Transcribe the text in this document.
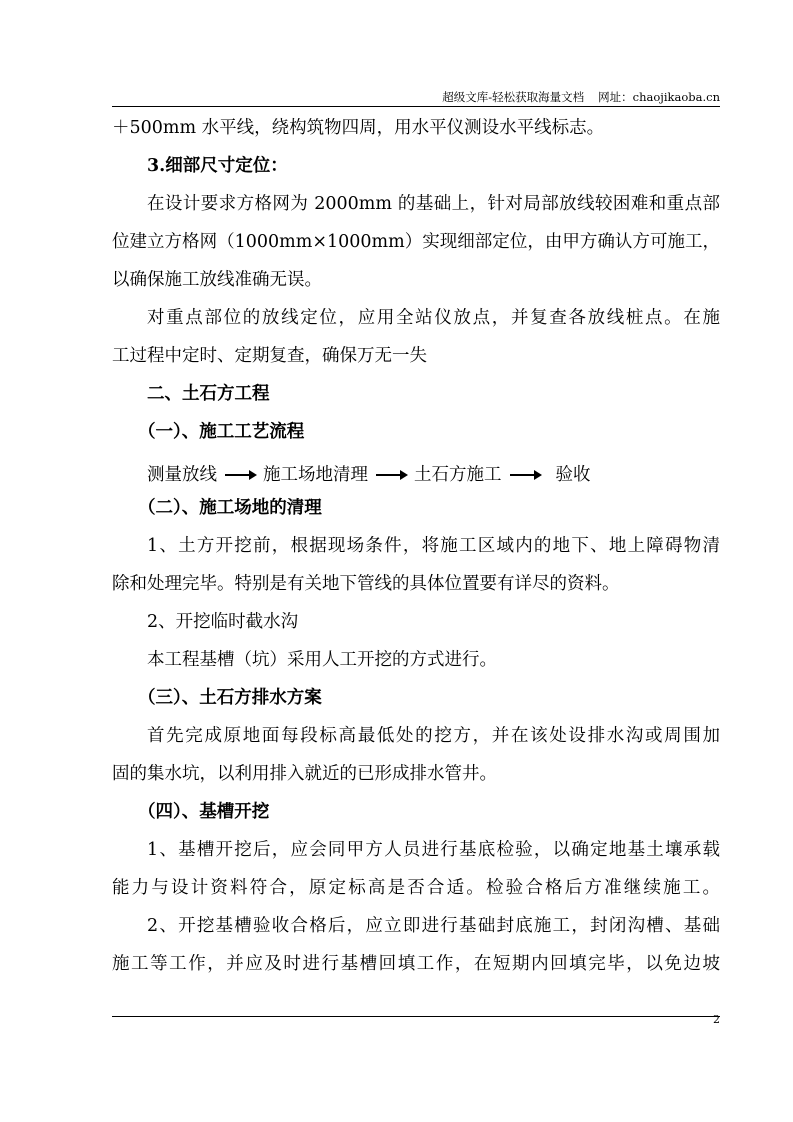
超级文库-轻松获取海量文档 网址：chaojikaoba.cn
＋500mm 水平线，绕构筑物四周，用水平仪测设水平线标志。
3.细部尺寸定位：
在设计要求方格网为 2000mm 的基础上，针对局部放线较困难和重点部
位建立方格网（1000mm×1000mm）实现细部定位，由甲方确认方可施工，
以确保施工放线准确无误。
对重点部位的放线定位，应用全站仪放点，并复查各放线桩点。在施
工过程中定时、定期复查，确保万无一失
二、土石方工程
（一）、施工工艺流程
测量放线	施工场地清理	土石方施工	验收
（二）、施工场地的清理
1、土方开挖前，根据现场条件，将施工区域内的地下、地上障碍物清
除和处理完毕。特别是有关地下管线的具体位置要有详尽的资料。
2、开挖临时截水沟
本工程基槽（坑）采用人工开挖的方式进行。
（三）、土石方排水方案
首先完成原地面每段标高最低处的挖方，并在该处设排水沟或周围加
固的集水坑，以利用排入就近的已形成排水管井。
（四）、基槽开挖
1、基槽开挖后，应会同甲方人员进行基底检验，以确定地基土壤承载
能力与设计资料符合，原定标高是否合适。检验合格后方准继续施工。
2、开挖基槽验收合格后，应立即进行基础封底施工，封闭沟槽、基础
施工等工作，并应及时进行基槽回填工作，在短期内回填完毕，以免边坡
2
